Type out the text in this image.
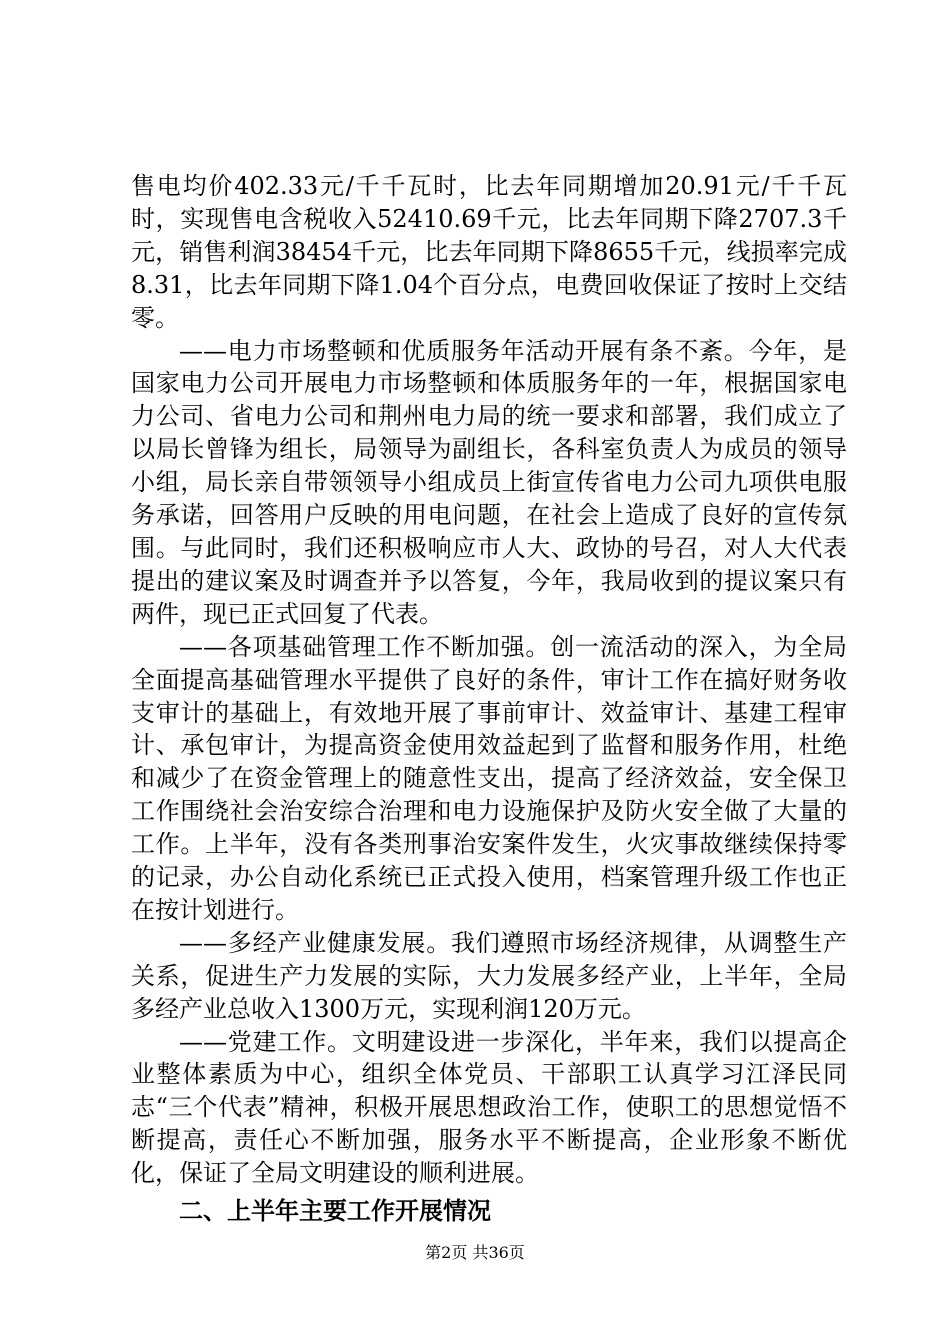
售电均价402.33元/千千瓦时，比去年同期增加20.91元/千千瓦时，实现售电含税收入52410.69千元，比去年同期下降2707.3千元，销售利润38454千元，比去年同期下降8655千元，线损率完成8.31，比去年同期下降1.04个百分点，电费回收保证了按时上交结零。

——电力市场整顿和优质服务年活动开展有条不紊。今年，是国家电力公司开展电力市场整顿和体质服务年的一年，根据国家电力公司、省电力公司和荆州电力局的统一要求和部署，我们成立了以局长曾锋为组长，局领导为副组长，各科室负责人为成员的领导小组，局长亲自带领领导小组成员上街宣传省电力公司九项供电服务承诺，回答用户反映的用电问题，在社会上造成了良好的宣传氛围。与此同时，我们还积极响应市人大、政协的号召，对人大代表提出的建议案及时调查并予以答复，今年，我局收到的提议案只有两件，现已正式回复了代表。

——各项基础管理工作不断加强。创一流活动的深入，为全局全面提高基础管理水平提供了良好的条件，审计工作在搞好财务收支审计的基础上，有效地开展了事前审计、效益审计、基建工程审计、承包审计，为提高资金使用效益起到了监督和服务作用，杜绝和减少了在资金管理上的随意性支出，提高了经济效益，安全保卫工作围绕社会治安综合治理和电力设施保护及防火安全做了大量的工作。上半年，没有各类刑事治安案件发生，火灾事故继续保持零的记录，办公自动化系统已正式投入使用，档案管理升级工作也正在按计划进行。

——多经产业健康发展。我们遵照市场经济规律，从调整生产关系，促进生产力发展的实际，大力发展多经产业，上半年，全局多经产业总收入1300万元，实现利润120万元。

——党建工作。文明建设进一步深化，半年来，我们以提高企业整体素质为中心，组织全体党员、干部职工认真学习江泽民同志“三个代表”精神，积极开展思想政治工作，使职工的思想觉悟不断提高，责任心不断加强，服务水平不断提高，企业形象不断优化，保证了全局文明建设的顺利进展。

二、上半年主要工作开展情况
第2页 共36页
